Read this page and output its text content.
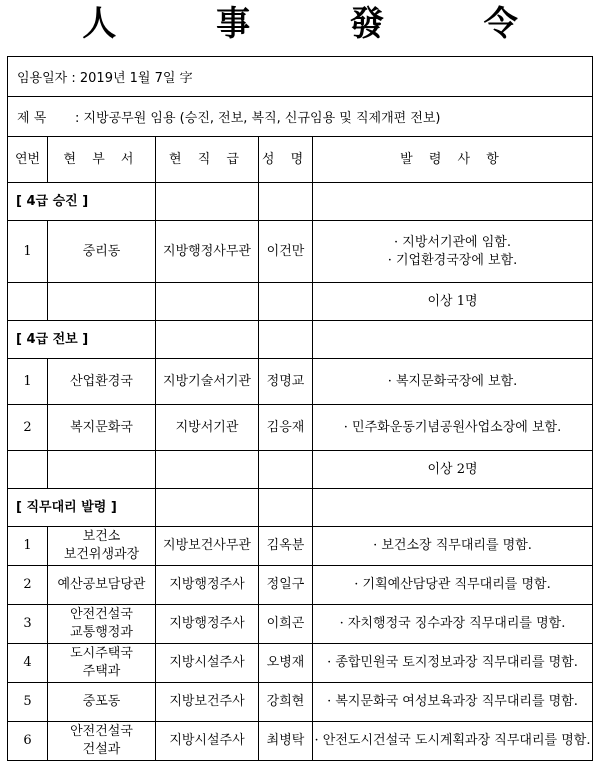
人 事 發 令
임용일자 : 2019년 1월 7일 字
제 목	: 지방공무원 임용 (승진, 전보, 복직, 신규임용 및 직제개편 전보)
연번	현 부 서	현 직 급	성 명	발 령 사 항
[ 4급 승진 ]				
1	중리동	지방행정사무관	이건만	· 지방서기관에 임함.
· 기업환경국장에 보함.

				이상 1명
[ 4급 전보 ]				
1	산업환경국	지방기술서기관	정명교	· 복지문화국장에 보함.

2	복지문화국	지방서기관	김응재	· 민주화운동기념공원사업소장에 보함.

				이상 2명
[ 직무대리 발령 ]				
1	보건소
보건위생과장	지방보건사무관	김옥분	· 보건소장 직무대리를 명함.

2	예산공보담당관	지방행정주사	정일구	· 기획예산담당관 직무대리를 명함.

3	안전건설국
교통행정과	지방행정주사	이희곤	· 자치행정국 징수과장 직무대리를 명함.

4	도시주택국
주택과	지방시설주사	오병재	· 종합민원국 토지정보과장 직무대리를 명함.

5	중포동	지방보건주사	강희현	· 복지문화국 여성보육과장 직무대리를 명함.

6	안전건설국
건설과	지방시설주사	최병탁	· 안전도시건설국 도시계획과장 직무대리를 명함.
